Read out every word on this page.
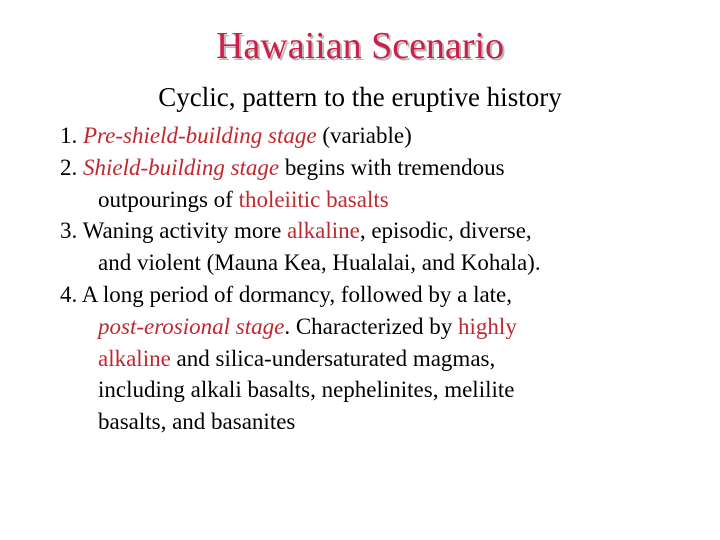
Hawaiian Scenario
Cyclic, pattern to the eruptive history
1. Pre-shield-building stage (variable)
2. Shield-building stage begins with tremendous
outpourings of tholeiitic basalts
3. Waning activity more alkaline, episodic, diverse,
and violent (Mauna Kea, Hualalai, and Kohala).
4. A long period of dormancy, followed by a late,
post-erosional stage. Characterized by highly
alkaline and silica-undersaturated magmas,
including alkali basalts, nephelinites, melilite
basalts, and basanites
